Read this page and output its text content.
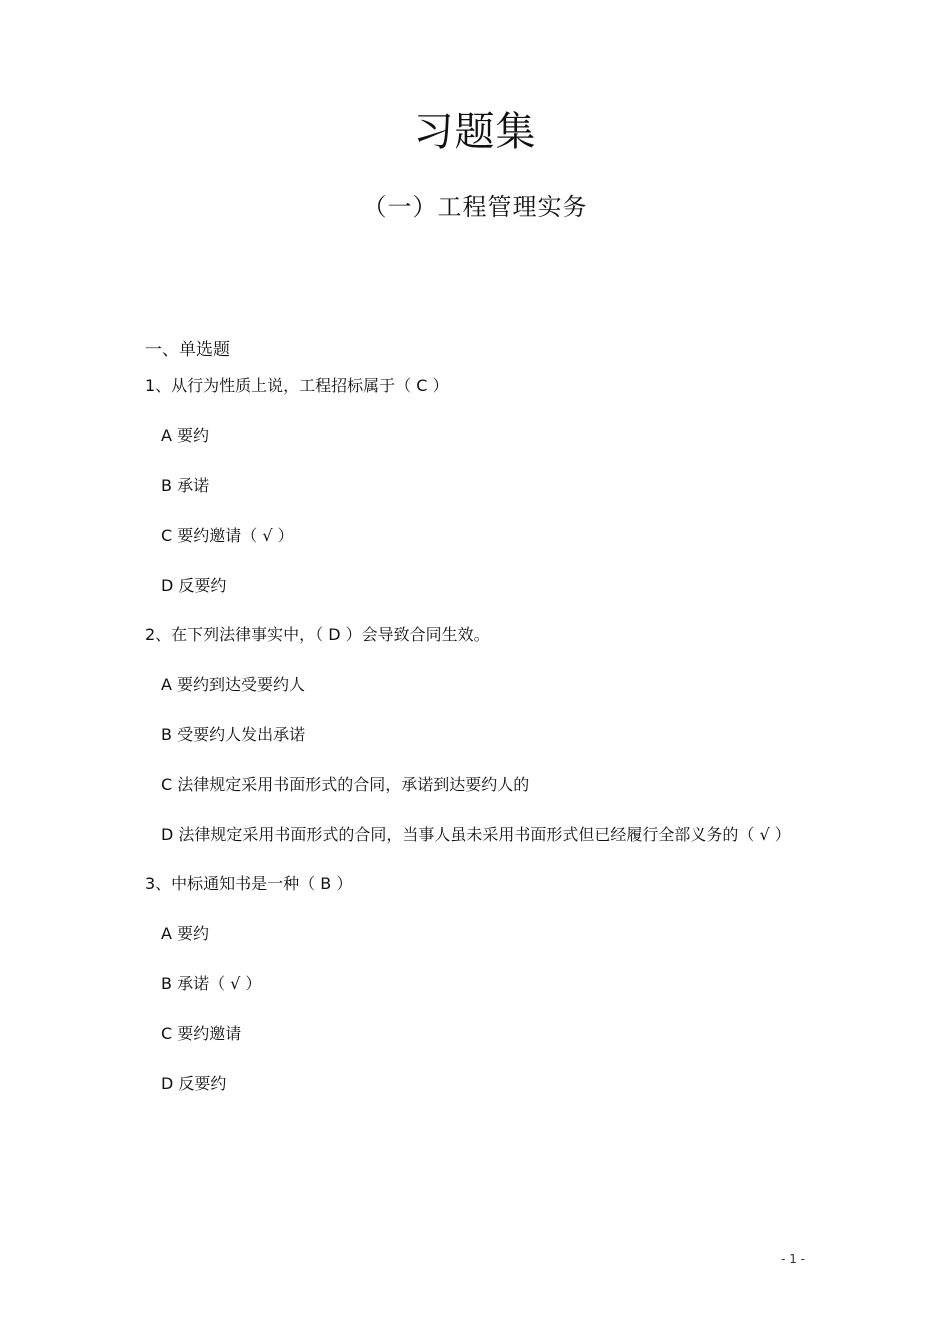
习题集
（一）工程管理实务
一、单选题
1、从行为性质上说，工程招标属于（ C ）
A 要约
B 承诺
C 要约邀请（ √ ）
D 反要约
2、在下列法律事实中，（ D ）会导致合同生效。
A 要约到达受要约人
B 受要约人发出承诺
C 法律规定采用书面形式的合同，承诺到达要约人的
D 法律规定采用书面形式的合同，当事人虽未采用书面形式但已经履行全部义务的（ √ ）
3、中标通知书是一种（ B ）
A 要约
B 承诺（ √ ）
C 要约邀请
D 反要约
- 1 -
